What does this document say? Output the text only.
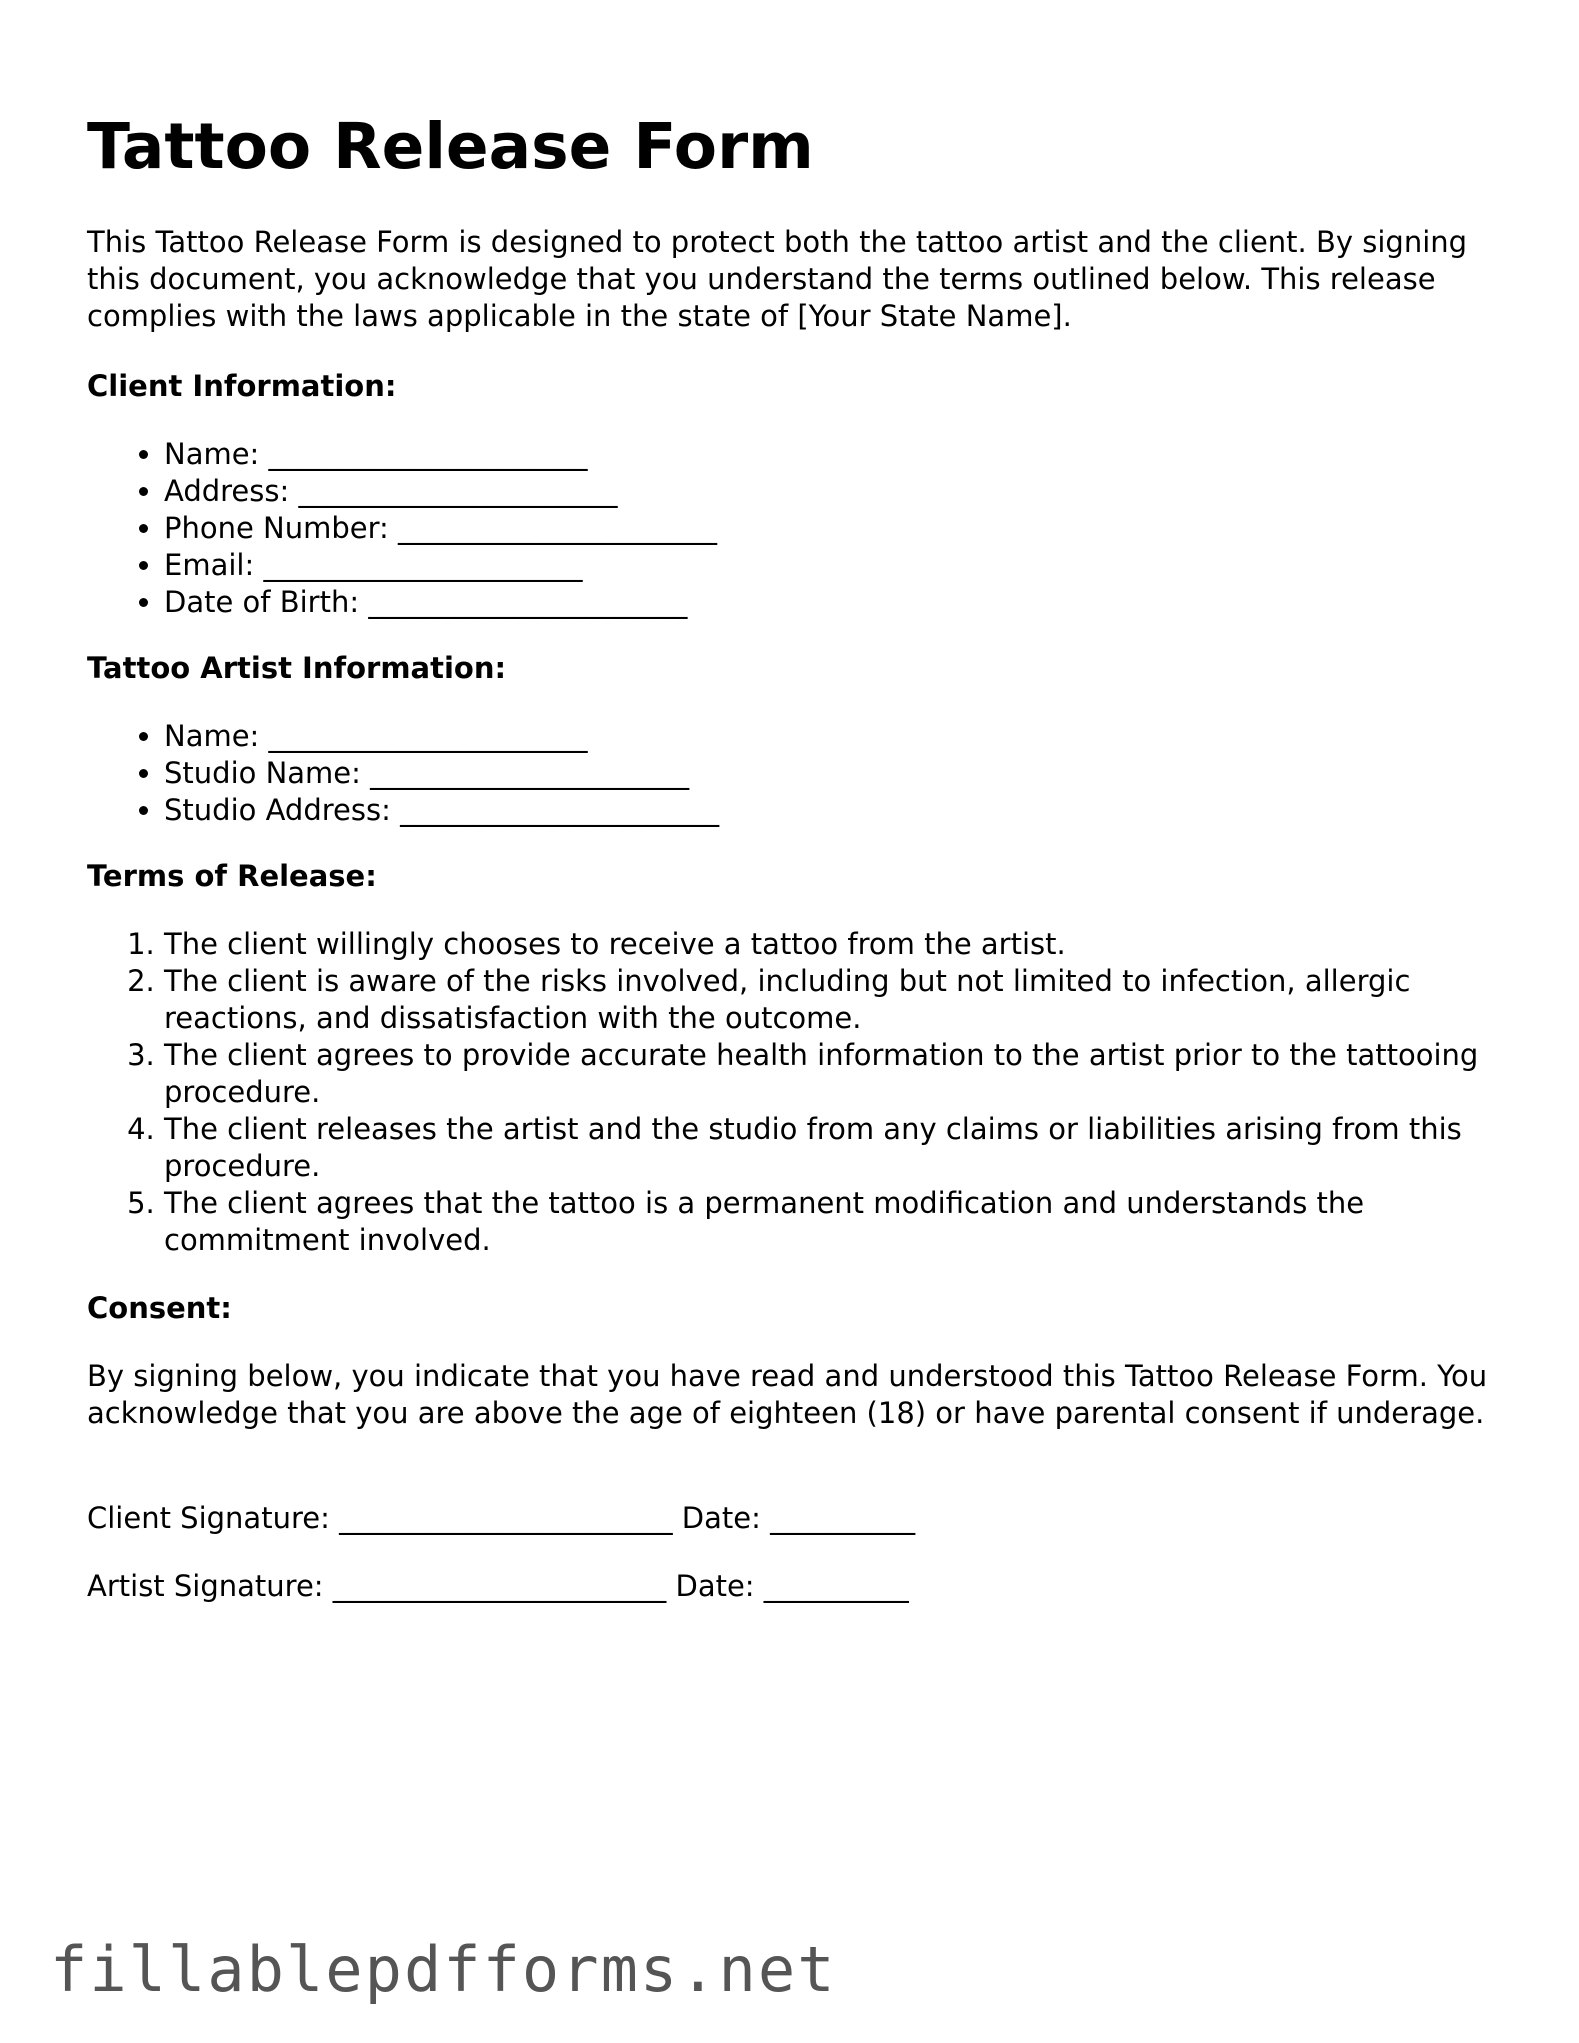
Tattoo Release Form

This Tattoo Release Form is designed to protect both the tattoo artist and the client. By signing this document, you acknowledge that you understand the terms outlined below. This release complies with the laws applicable in the state of [Your State Name].

Client Information:

• Name: ______________________
• Address: ______________________
• Phone Number: ______________________
• Email: ______________________
• Date of Birth: ______________________

Tattoo Artist Information:

• Name: ______________________
• Studio Name: ______________________
• Studio Address: ______________________

Terms of Release:

1. The client willingly chooses to receive a tattoo from the artist.
2. The client is aware of the risks involved, including but not limited to infection, allergic reactions, and dissatisfaction with the outcome.
3. The client agrees to provide accurate health information to the artist prior to the tattooing procedure.
4. The client releases the artist and the studio from any claims or liabilities arising from this procedure.
5. The client agrees that the tattoo is a permanent modification and understands the commitment involved.

Consent:

By signing below, you indicate that you have read and understood this Tattoo Release Form. You acknowledge that you are above the age of eighteen (18) or have parental consent if underage.

Client Signature: _______________________ Date: __________

Artist Signature: _______________________ Date: __________

fillablepdfforms.net
